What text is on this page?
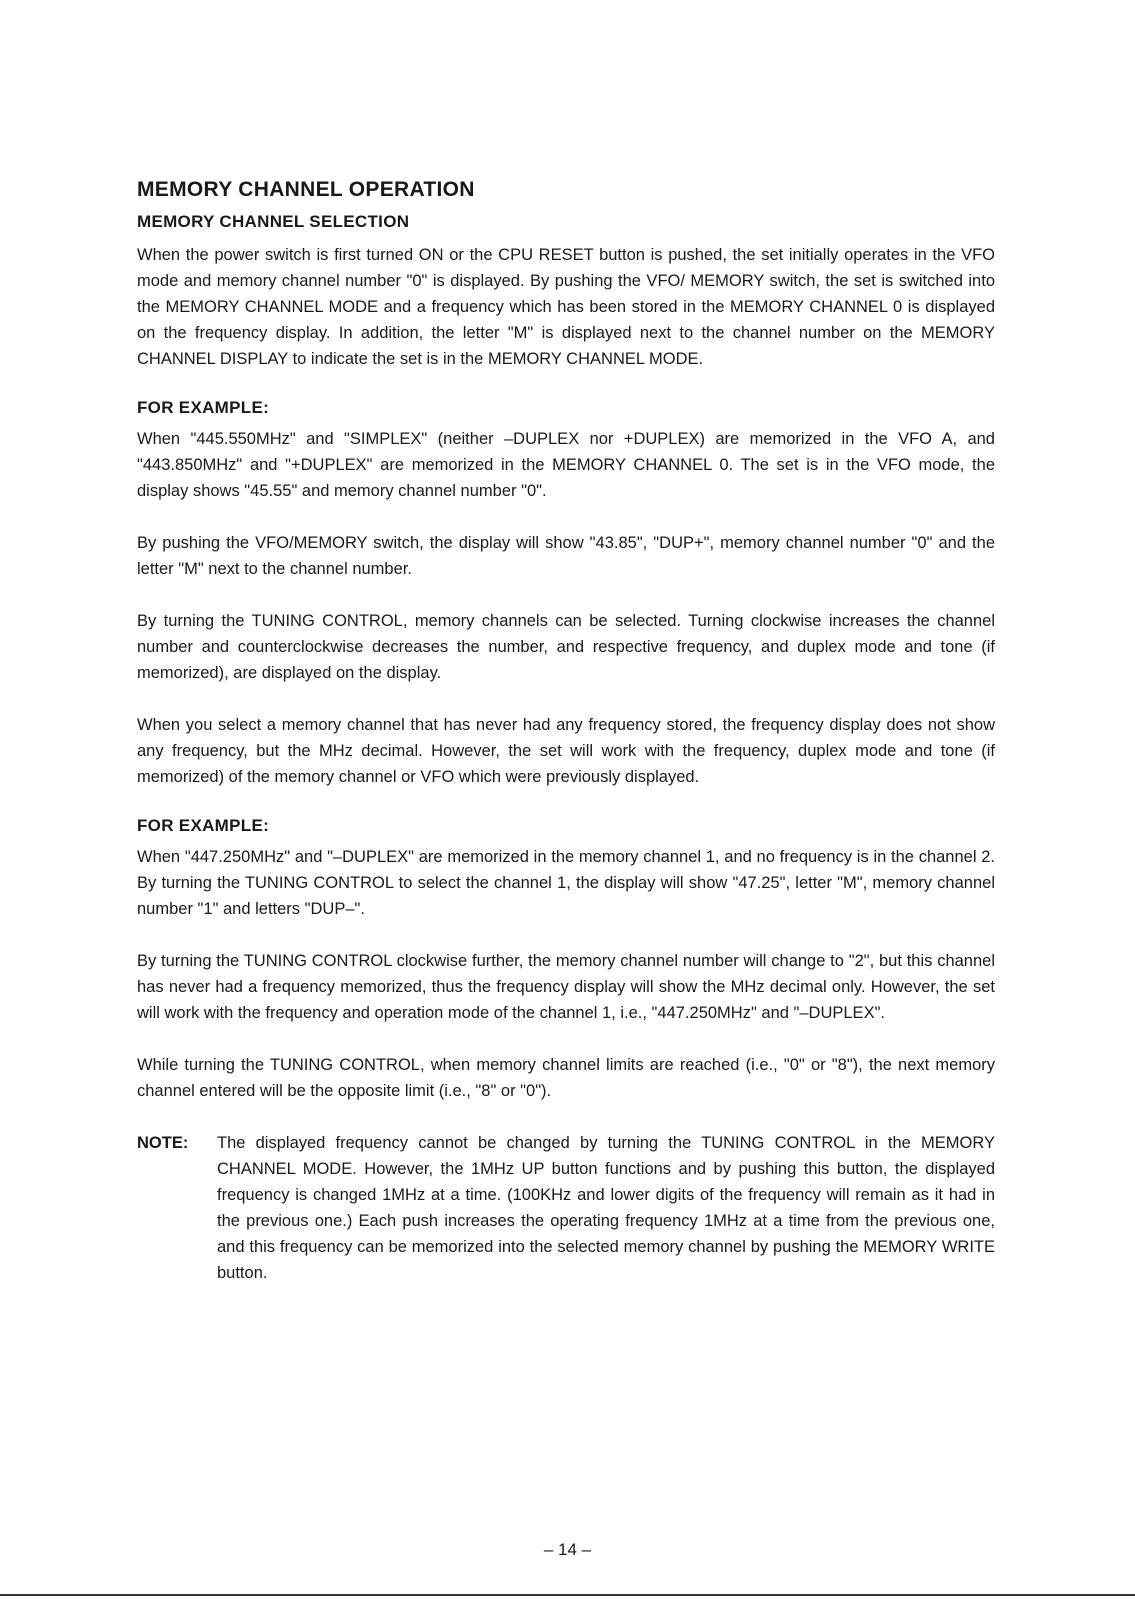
MEMORY CHANNEL OPERATION
MEMORY CHANNEL SELECTION
When the power switch is first turned ON or the CPU RESET button is pushed, the set initially operates in the VFO mode and memory channel number "0" is displayed. By pushing the VFO/ MEMORY switch, the set is switched into the MEMORY CHANNEL MODE and a frequency which has been stored in the MEMORY CHANNEL 0 is displayed on the frequency display. In addition, the letter "M" is displayed next to the channel number on the MEMORY CHANNEL DISPLAY to indicate the set is in the MEMORY CHANNEL MODE.
FOR EXAMPLE:
When "445.550MHz" and "SIMPLEX" (neither –DUPLEX nor +DUPLEX) are memorized in the VFO A, and "443.850MHz" and "+DUPLEX" are memorized in the MEMORY CHANNEL 0. The set is in the VFO mode, the display shows "45.55" and memory channel number "0".
By pushing the VFO/MEMORY switch, the display will show "43.85", "DUP+", memory channel number "0" and the letter "M" next to the channel number.
By turning the TUNING CONTROL, memory channels can be selected. Turning clockwise increases the channel number and counterclockwise decreases the number, and respective frequency, and duplex mode and tone (if memorized), are displayed on the display.
When you select a memory channel that has never had any frequency stored, the frequency display does not show any frequency, but the MHz decimal. However, the set will work with the frequency, duplex mode and tone (if memorized) of the memory channel or VFO which were previously displayed.
FOR EXAMPLE:
When "447.250MHz" and "–DUPLEX" are memorized in the memory channel 1, and no frequency is in the channel 2. By turning the TUNING CONTROL to select the channel 1, the display will show "47.25", letter "M", memory channel number "1" and letters "DUP–".
By turning the TUNING CONTROL clockwise further, the memory channel number will change to "2", but this channel has never had a frequency memorized, thus the frequency display will show the MHz decimal only. However, the set will work with the frequency and operation mode of the channel 1, i.e., "447.250MHz" and "–DUPLEX".
While turning the TUNING CONTROL, when memory channel limits are reached (i.e., "0" or "8"), the next memory channel entered will be the opposite limit (i.e., "8" or "0").
NOTE:	The displayed frequency cannot be changed by turning the TUNING CONTROL in the MEMORY CHANNEL MODE. However, the 1MHz UP button functions and by pushing this button, the displayed frequency is changed 1MHz at a time. (100KHz and lower digits of the frequency will remain as it had in the previous one.) Each push increases the operating frequency 1MHz at a time from the previous one, and this frequency can be memorized into the selected memory channel by pushing the MEMORY WRITE button.
– 14 –
